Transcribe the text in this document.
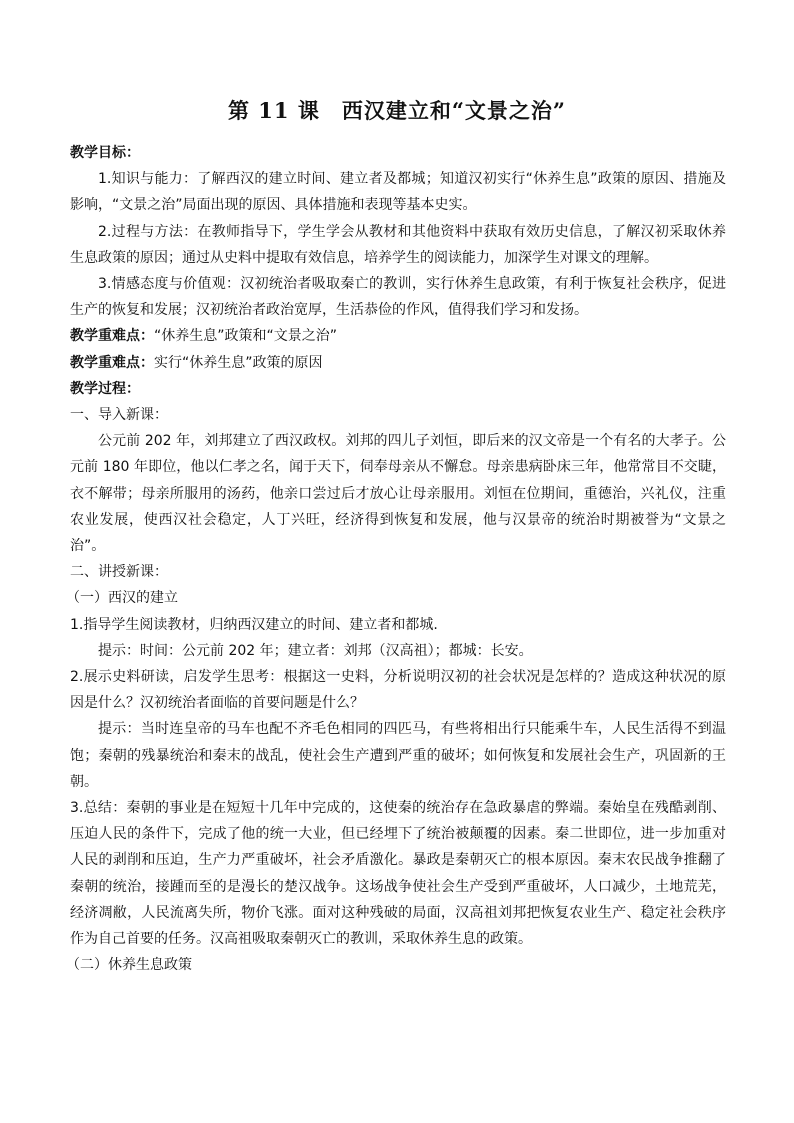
第 11 课　西汉建立和“文景之治”

教学目标：

1.知识与能力：了解西汉的建立时间、建立者及都城；知道汉初实行“休养生息”政策的原因、措施及影响，“文景之治”局面出现的原因、具体措施和表现等基本史实。

2.过程与方法：在教师指导下，学生学会从教材和其他资料中获取有效历史信息，了解汉初采取休养生息政策的原因；通过从史料中提取有效信息，培养学生的阅读能力，加深学生对课文的理解。

3.情感态度与价值观：汉初统治者吸取秦亡的教训，实行休养生息政策，有利于恢复社会秩序，促进生产的恢复和发展；汉初统治者政治宽厚，生活恭俭的作风，值得我们学习和发扬。

教学重难点：“休养生息”政策和“文景之治”

教学重难点：实行“休养生息”政策的原因

教学过程：

一、导入新课：

公元前 202 年，刘邦建立了西汉政权。刘邦的四儿子刘恒，即后来的汉文帝是一个有名的大孝子。公元前 180 年即位，他以仁孝之名，闻于天下，伺奉母亲从不懈怠。母亲患病卧床三年，他常常目不交睫，衣不解带；母亲所服用的汤药，他亲口尝过后才放心让母亲服用。刘恒在位期间，重德治，兴礼仪，注重农业发展，使西汉社会稳定，人丁兴旺，经济得到恢复和发展，他与汉景帝的统治时期被誉为“文景之治”。

二、讲授新课：

（一）西汉的建立

1.指导学生阅读教材，归纳西汉建立的时间、建立者和都城.

提示：时间：公元前 202 年；建立者：刘邦（汉高祖）；都城：长安。

2.展示史料研读，启发学生思考：根据这一史料，分析说明汉初的社会状况是怎样的？造成这种状况的原因是什么？汉初统治者面临的首要问题是什么？

提示：当时连皇帝的马车也配不齐毛色相同的四匹马，有些将相出行只能乘牛车，人民生活得不到温饱；秦朝的残暴统治和秦末的战乱，使社会生产遭到严重的破坏；如何恢复和发展社会生产，巩固新的王朝。

3.总结：秦朝的事业是在短短十几年中完成的，这使秦的统治存在急政暴虐的弊端。秦始皇在残酷剥削、压迫人民的条件下，完成了他的统一大业，但已经埋下了统治被颠覆的因素。秦二世即位，进一步加重对人民的剥削和压迫，生产力严重破坏，社会矛盾激化。暴政是秦朝灭亡的根本原因。秦末农民战争推翻了秦朝的统治，接踵而至的是漫长的楚汉战争。这场战争使社会生产受到严重破坏，人口减少，土地荒芜，经济凋敝，人民流离失所，物价飞涨。面对这种残破的局面，汉高祖刘邦把恢复农业生产、稳定社会秩序作为自己首要的任务。汉高祖吸取秦朝灭亡的教训，采取休养生息的政策。

（二）休养生息政策
